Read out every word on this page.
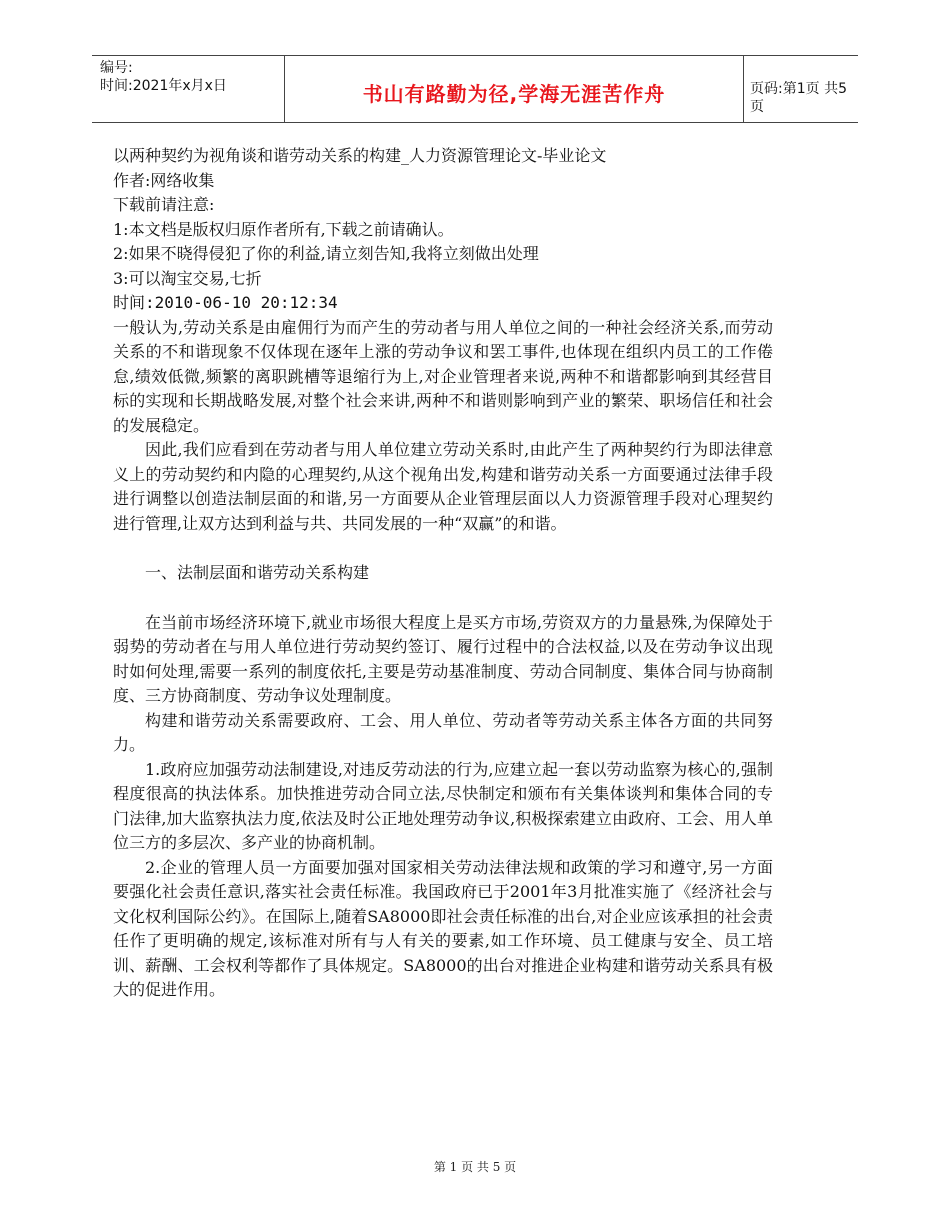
编号:
时间:2021年x月x日	书山有路勤为径,学海无涯苦作舟	页码:第1页 共5页

以两种契约为视角谈和谐劳动关系的构建_人力资源管理论文-毕业论文

作者:网络收集

下载前请注意:

1:本文档是版权归原作者所有,下载之前请确认。

2:如果不晓得侵犯了你的利益,请立刻告知,我将立刻做出处理

3:可以淘宝交易,七折

时间:2010-06-10 20:12:34

一般认为,劳动关系是由雇佣行为而产生的劳动者与用人单位之间的一种社会经济关系,而劳动关系的不和谐现象不仅体现在逐年上涨的劳动争议和罢工事件,也体现在组织内员工的工作倦怠,绩效低微,频繁的离职跳槽等退缩行为上,对企业管理者来说,两种不和谐都影响到其经营目标的实现和长期战略发展,对整个社会来讲,两种不和谐则影响到产业的繁荣、职场信任和社会的发展稳定。

因此,我们应看到在劳动者与用人单位建立劳动关系时,由此产生了两种契约行为即法律意义上的劳动契约和内隐的心理契约,从这个视角出发,构建和谐劳动关系一方面要通过法律手段进行调整以创造法制层面的和谐,另一方面要从企业管理层面以人力资源管理手段对心理契约进行管理,让双方达到利益与共、共同发展的一种“双赢”的和谐。

一、法制层面和谐劳动关系构建

在当前市场经济环境下,就业市场很大程度上是买方市场,劳资双方的力量悬殊,为保障处于弱势的劳动者在与用人单位进行劳动契约签订、履行过程中的合法权益,以及在劳动争议出现时如何处理,需要一系列的制度依托,主要是劳动基准制度、劳动合同制度、集体合同与协商制度、三方协商制度、劳动争议处理制度。

构建和谐劳动关系需要政府、工会、用人单位、劳动者等劳动关系主体各方面的共同努力。

1.政府应加强劳动法制建设,对违反劳动法的行为,应建立起一套以劳动监察为核心的,强制程度很高的执法体系。加快推进劳动合同立法,尽快制定和颁布有关集体谈判和集体合同的专门法律,加大监察执法力度,依法及时公正地处理劳动争议,积极探索建立由政府、工会、用人单位三方的多层次、多产业的协商机制。

2.企业的管理人员一方面要加强对国家相关劳动法律法规和政策的学习和遵守,另一方面要强化社会责任意识,落实社会责任标准。我国政府已于2001年3月批准实施了《经济社会与文化权利国际公约》。在国际上,随着SA8000即社会责任标准的出台,对企业应该承担的社会责任作了更明确的规定,该标准对所有与人有关的要素,如工作环境、员工健康与安全、员工培训、薪酬、工会权利等都作了具体规定。SA8000的出台对推进企业构建和谐劳动关系具有极大的促进作用。

第 1 页 共 5 页
